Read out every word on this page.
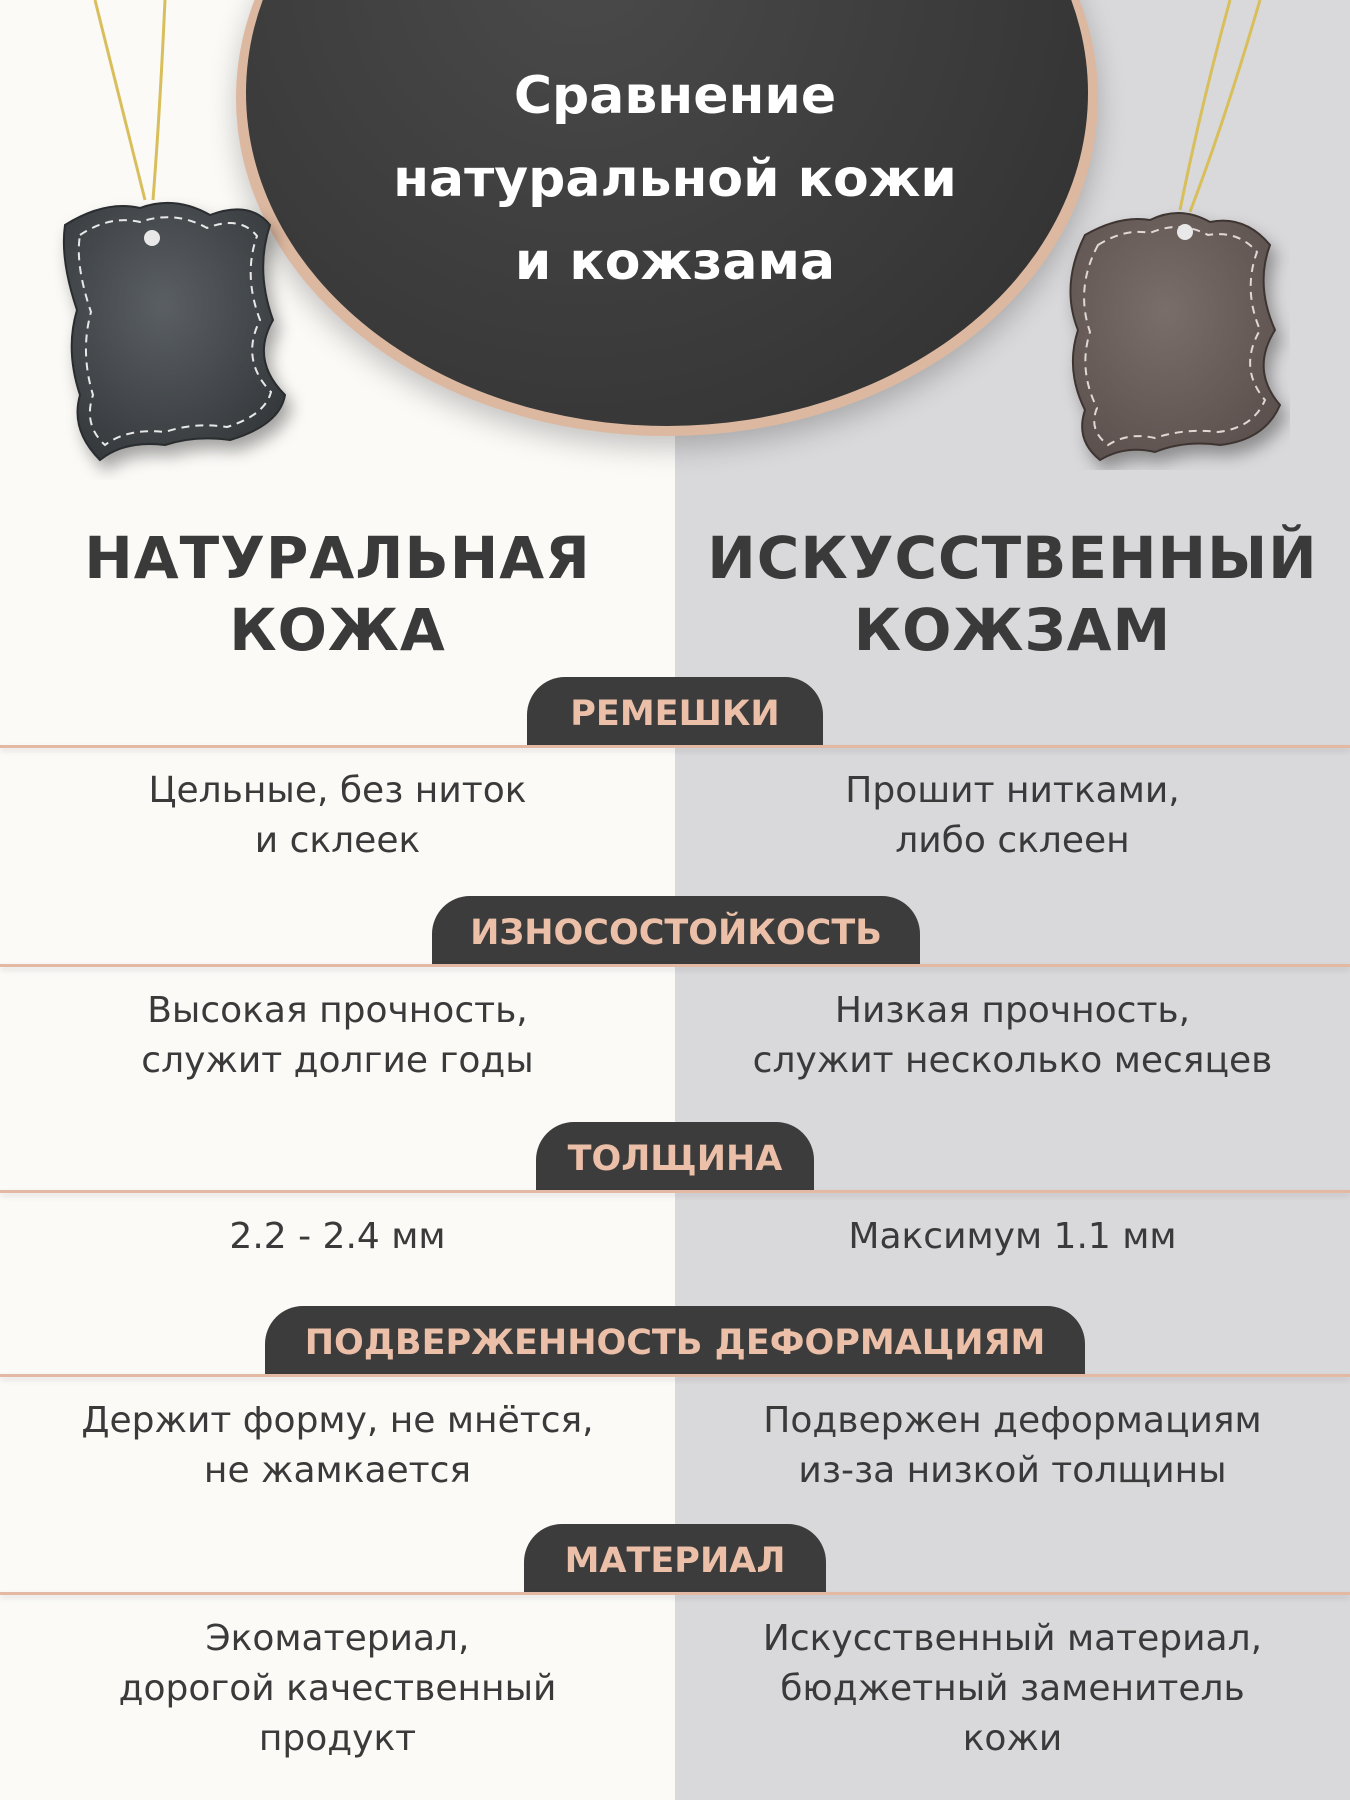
Сравнение
натуральной кожи
и кожзама
НАТУРАЛЬНАЯ
КОЖА
ИСКУССТВЕННЫЙ
КОЖЗАМ
РЕМЕШКИ
Цельные, без ниток
и склеек
Прошит нитками,
либо склеен
ИЗНОСОСТОЙКОСТЬ
Высокая прочность,
служит долгие годы
Низкая прочность,
служит несколько месяцев
ТОЛЩИНА
2.2 - 2.4 мм	Максимум 1.1 мм
ПОДВЕРЖЕННОСТЬ ДЕФОРМАЦИЯМ
Держит форму, не мнётся,
не жамкается
Подвержен деформациям
из-за низкой толщины
МАТЕРИАЛ
Экоматериал,
дорогой качественный
продукт
Искусственный материал,
бюджетный заменитель
кожи
